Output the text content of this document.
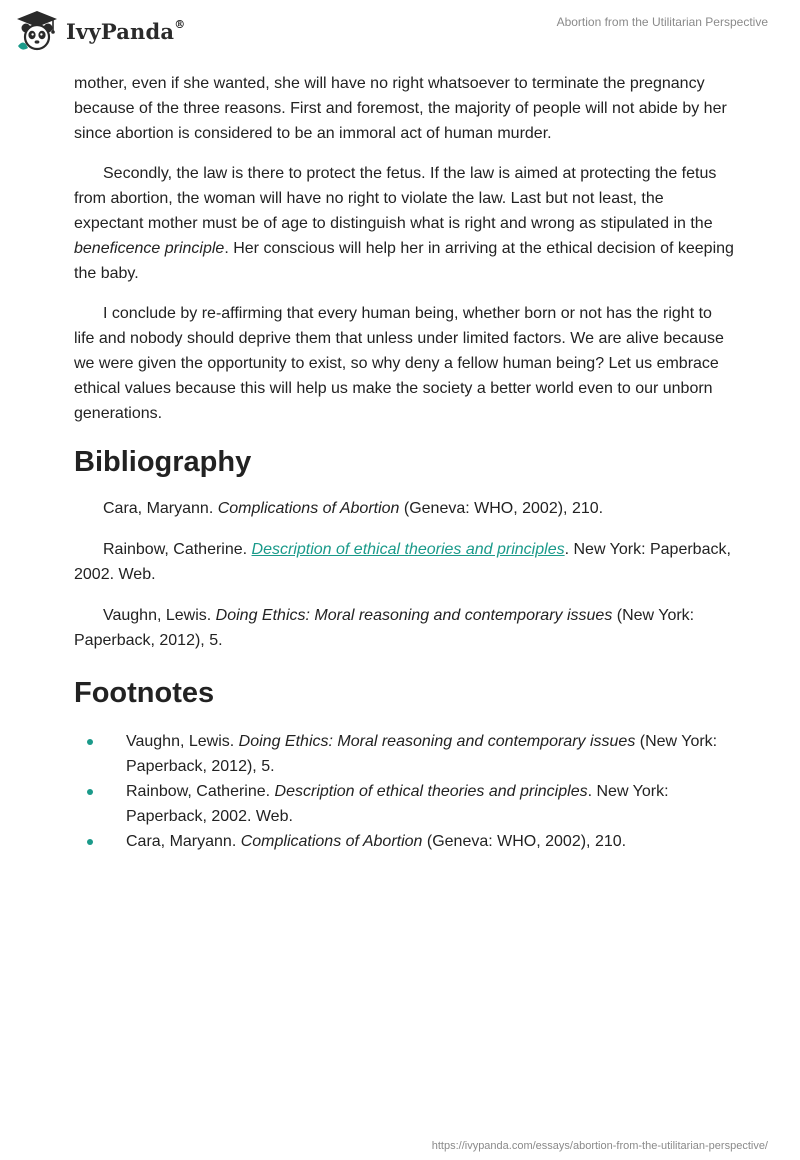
IvyPanda®	Abortion from the Utilitarian Perspective

mother, even if she wanted, she will have no right whatsoever to terminate the pregnancy because of the three reasons. First and foremost, the majority of people will not abide by her since abortion is considered to be an immoral act of human murder.

Secondly, the law is there to protect the fetus. If the law is aimed at protecting the fetus from abortion, the woman will have no right to violate the law. Last but not least, the expectant mother must be of age to distinguish what is right and wrong as stipulated in the beneficence principle. Her conscious will help her in arriving at the ethical decision of keeping the baby.

I conclude by re-affirming that every human being, whether born or not has the right to life and nobody should deprive them that unless under limited factors. We are alive because we were given the opportunity to exist, so why deny a fellow human being? Let us embrace ethical values because this will help us make the society a better world even to our unborn generations.

Bibliography

Cara, Maryann. Complications of Abortion (Geneva: WHO, 2002), 210.

Rainbow, Catherine. Description of ethical theories and principles. New York: Paperback, 2002. Web.

Vaughn, Lewis. Doing Ethics: Moral reasoning and contemporary issues (New York: Paperback, 2012), 5.

Footnotes
Vaughn, Lewis. Doing Ethics: Moral reasoning and contemporary issues (New York: Paperback, 2012), 5.
Rainbow, Catherine. Description of ethical theories and principles. New York: Paperback, 2002. Web.
Cara, Maryann. Complications of Abortion (Geneva: WHO, 2002), 210.
https://ivypanda.com/essays/abortion-from-the-utilitarian-perspective/
